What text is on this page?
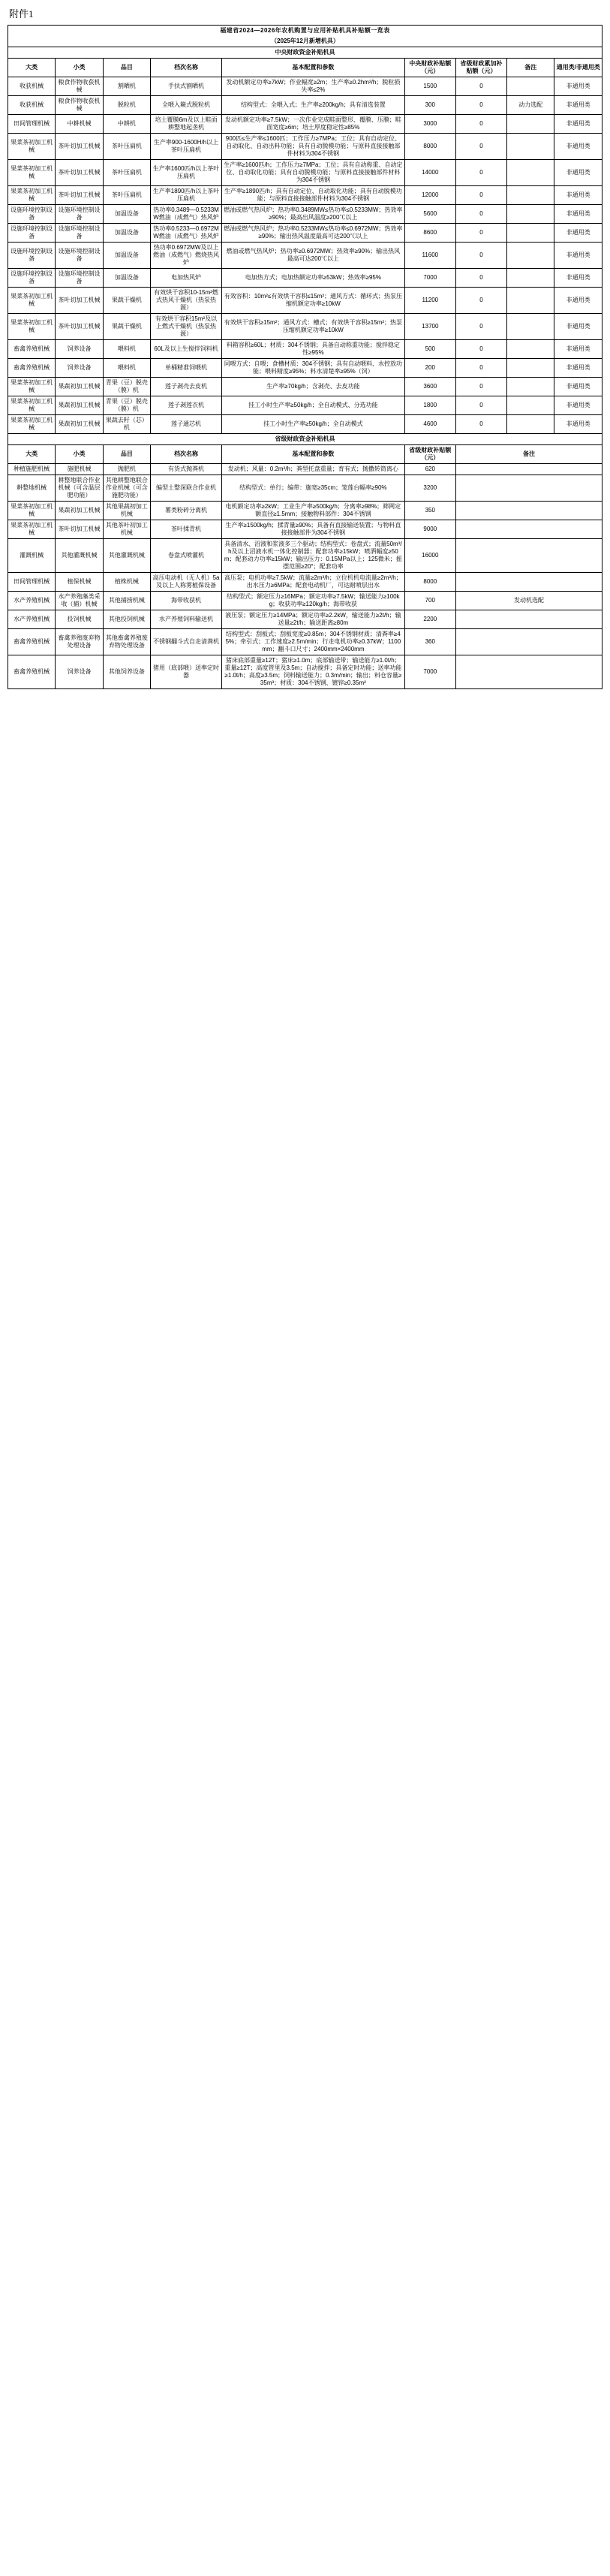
附件1
福建省2024—2026年农机购置与应用补贴机具补贴额一览表								
（2025年12月新增机具）								
中央财政资金补贴机具								
大类	小类	品目	档次名称	基本配置和参数	中央财政补贴额（元）	省级财政累加补贴额（元）	备注	通用类/非通用类
收获机械	粮食作物收获机械	割晒机	手扶式割晒机	发动机额定功率≥7kW；作业幅宽≥2m；生产率≥0.2hm²/h；脱粒损失率≤2%	1500	0		非通用类
收获机械	粮食作物收获机械	脱粒机	全喂入簸式脱粒机	结构型式：全喂入式；生产率≥200kg/h；具有清选装置	300	0	动力选配	非通用类
田间管理机械	中耕机械	中耕机	培土覆膜6m及以上畦面耕整地起垄机	发动机额定功率≥7.5kW；一次作业完成畦面整形、覆膜、压膜；畦面宽度≥6m；培土厚度稳定性≥85%	3000	0		非通用类
果菜茶初加工机械	茶叶切加工机械	茶叶压扁机	生产率900-1600H/h以上茶叶压扁机	900匹≤生产率≤1600匹；工作压力≥7MPa；工位；具有自动定位、自动取化、自动出料功能；具有自动脱模功能；与原料直接接触部件材料为304不锈钢	8000	0		非通用类
果菜茶初加工机械	茶叶切加工机械	茶叶压扁机	生产率1600匹/h以上茶叶压扁机	生产率≥1600匹/h；工作压力≥7MPa；工位；具有自动称重、自动定位、自动取化功能；具有自动脱模功能；与原料直接接触部件材料为304不锈钢	14000	0		非通用类
果菜茶初加工机械	茶叶切加工机械	茶叶压扁机	生产率1890匹/h以上茶叶压扁机	生产率≥1890匹/h；具有自动定位、自动取化功能；具有自动脱模功能；与原料直接接触部件材料为304不锈钢	12000	0		非通用类
设施环境控制设备	设施环境控制设备	加温设备	热功率0.3489—0.5233MW燃油（成燃气）热风炉	燃油或燃气热风炉；热功率0.3489MW≤热功率≤0.5233MW；热效率≥90%；最高出风温度≥200℃以上	5600	0		非通用类
设施环境控制设备	设施环境控制设备	加温设备	热功率0.5233—0.6972MW燃油（成燃气）热风炉	燃油或燃气热风炉；热功率0.5233MW≤热功率≤0.6972MW；热效率≥90%；输出热风温度最高可达200℃以上	8600	0		非通用类
设施环境控制设备	设施环境控制设备	加温设备	热功率0.6972MW及以上燃油（成燃气）燃烧热风炉	燃油或燃气热风炉；热功率≥0.6972MW；热效率≥90%；输出热风最高可达200℃以上	11600	0		非通用类
设施环境控制设备	设施环境控制设备	加温设备	电加热风炉	电加热方式；电加热额定功率≥53kW；热效率≥95%	7000	0		非通用类
果菜茶初加工机械	茶叶切加工机械	果蔬干燥机	有效烘干容积10-15m²燃式热风干燥机（热泵热源）	有效容积：10m²≤有效烘干容积≤15m²；通风方式：循环式；热泵压缩机额定功率≥10kW	11200	0		非通用类
果菜茶初加工机械	茶叶切加工机械	果蔬干燥机	有效烘干容积15m²及以上燃式干燥机（热泵热源）	有效烘干容积≥15m²；通风方式：槽式；有效烘干容积≥15m²；热泵压缩机额定功率≥10kW	13700	0		非通用类
畜禽养殖机械	饲养设备	喂料机	60L及以上生搅拌饲料机	料箱容积≥60L；材质：304不锈钢；具备自动称重功能；搅拌稳定性≥95%	500	0		非通用类
畜禽养殖机械	饲养设备	喂料机	单桶精准饲喂机	同喂方式：自喂；食槽材质：304不锈钢；具有自动喂料、水控放功能；喂料精度≥95%；料水清楚率≥95%（饲）	200	0		非通用类
果菜茶初加工机械	果蔬初加工机械	青果（豆）脱壳（膜）机	莲子剥壳去皮机	生产率≥70kg/h；含剥壳、去皮功能	3600	0		非通用类
果菜茶初加工机械	果蔬初加工机械	青果（豆）脱壳（膜）机	莲子剥莲衣机	挂工小时生产率≥50kg/h；全自动模式、分选功能	1800	0		非通用类
果菜茶初加工机械	果蔬初加工机械	果蔬去籽（芯）机	莲子通芯机	挂工小时生产率≥50kg/h；全自动模式	4600	0		非通用类
省级财政资金补贴机具								
大类	小类	品目	档次名称	基本配置和参数	省级财政补贴额（元）	备注		
种植施肥机械	施肥机械	抛肥机	有货式抛粪机	发动机；风量：0.2m²/h；粪型托盘重量；育有式；抛撒转筒离心	620			
耕整地机械	耕整地联合作业机械（可含温层肥功能）	其他耕整地联合作业机械（可含施肥功能）	编型土整深联合作业机	结构型式：单行；编带：施宽≥35cm；笼莲台幅率≥90%	3200			
果菜茶初加工机械	果蔬初加工机械	其他果蔬初加工机械	薯类粉碎分离机	电机额定功率≥2kW；工业生产率≥500kg/h；分离率≥98%；筛网定额直径≥1.5mm；接触物料部件：304不锈钢	350			
果菜茶初加工机械	茶叶切加工机械	其他茶叶初加工机械	茶叶揉青机	生产率≥1500kg/h；揉青量≥90%；具备有直接输送装置；与物料直接接触部件为304不锈钢	9000			
灌溉机械	其他灌溉机械	其他灌溉机械	卷盘式喷灌机	具备清水、沼液和浆液多三个驱动；结构型式：卷盘式；流量50m³/h及以上沼液水机一体化控制器；配套功率≥15kW；喷洒幅度≥50m；配套动力功率≥15kW；输出压力：0.15MPa以上；125微米；摇摆范围≥20°；配套功率	16000			
田间管理机械	植保机械	植株机械	高压电动机（无人机）5a及以上人称雾植保设备	高压泵；电机功率≥7.5kW；流量≥2m³/h；立位机机电流量≥2m³/h；出水压力≥6MPa；配套电动机厂，可达耐喷层出水	8000			
水产养殖机械	水产养殖藻类采收（捕）机械	其他捕捞机械	海带收获机	结构型式；额定压力≥16MPa；额定功率≥7.5kW；输送能力≥100kg；收获功率≥120kg/h；海带收获	700	发动机选配		
水产养殖机械	投饲机械	其他投饲机械	水产养殖饲料输送机	液压泵；额定压力≥14MPa；额定功率≥2.2kW，输送能力≥2t/h；输送量≥2t/h；输送距离≥80m	2200			
畜禽养殖机械	畜禽养殖废弃物处理设备	其他畜禽养殖废弃物处理设备	不锈钢翻斗式自走清粪机	结构型式：刮板式；刮板宽度≥0.85m；304不锈钢材质；清粪率≥45%；牵引式；工作速度≥2.5m/min；行走电机功率≥0.37kW；1100mm；翻斗口尺寸；2400mm×2400mm	360			
畜禽养殖机械	饲养设备	其他饲养设备	猪用（底部喂）送率定时器	猪床底部重量≥12T；猪床≥1.0m；底部输送带；输送能力≥1.0t/h；重量≥12T；高度管里及3.5m；自动搅拌；具备定时功能；送率功能≥1.0t/h；高度≥3.5m；饲料输送能力；0.3m/min；输出；料仓容量≥35m³；材质：304不锈钢、镀锌≥0.35m²	7000			
